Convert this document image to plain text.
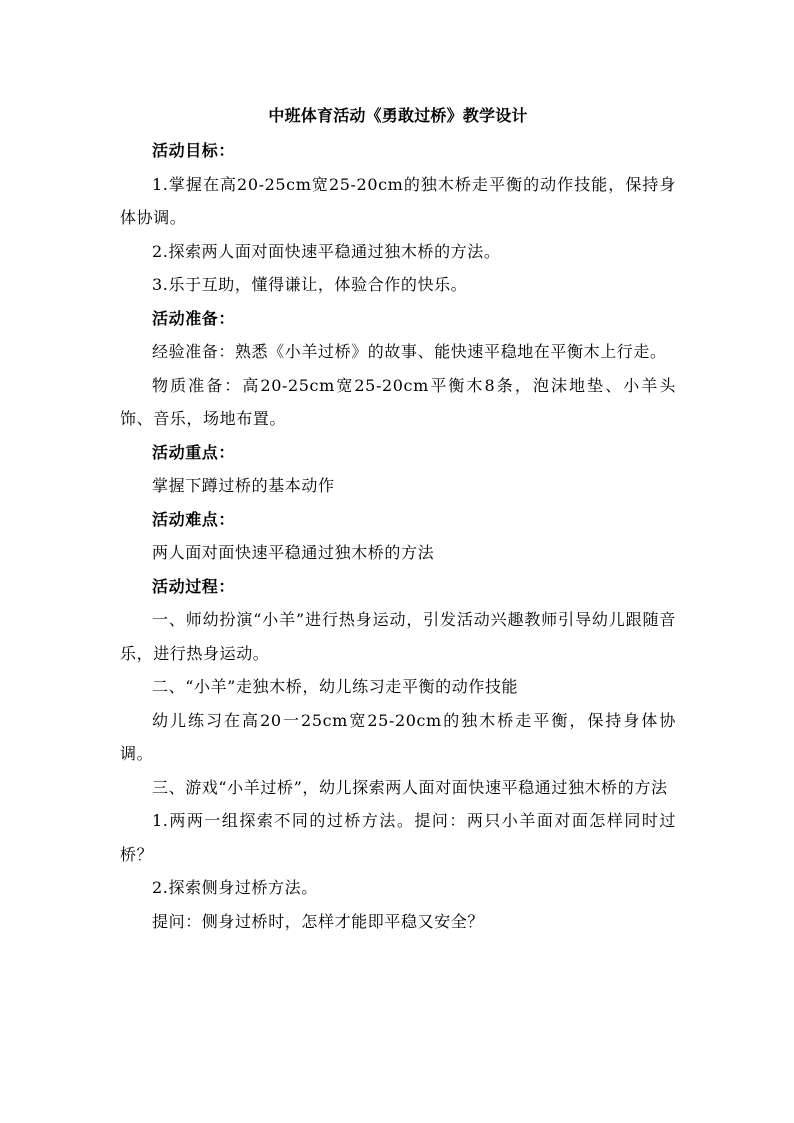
中班体育活动《勇敢过桥》教学设计

活动目标：

1.掌握在高20-25cm宽25-20cm的独木桥走平衡的动作技能，保持身体协调。

2.探索两人面对面快速平稳通过独木桥的方法。

3.乐于互助，懂得谦让，体验合作的快乐。

活动准备：

经验准备：熟悉《小羊过桥》的故事、能快速平稳地在平衡木上行走。

物质准备：高20-25cm宽25-20cm平衡木8条，泡沫地垫、小羊头饰、音乐，场地布置。

活动重点：

掌握下蹲过桥的基本动作

活动难点：

两人面对面快速平稳通过独木桥的方法

活动过程：

一、师幼扮演“小羊”进行热身运动，引发活动兴趣教师引导幼儿跟随音乐，进行热身运动。

二、“小羊”走独木桥，幼儿练习走平衡的动作技能

幼儿练习在高20一25cm宽25-20cm的独木桥走平衡，保持身体协调。

三、游戏“小羊过桥”，幼儿探索两人面对面快速平稳通过独木桥的方法

1.两两一组探索不同的过桥方法。提问：两只小羊面对面怎样同时过桥？

2.探索侧身过桥方法。

提问：侧身过桥时，怎样才能即平稳又安全？
